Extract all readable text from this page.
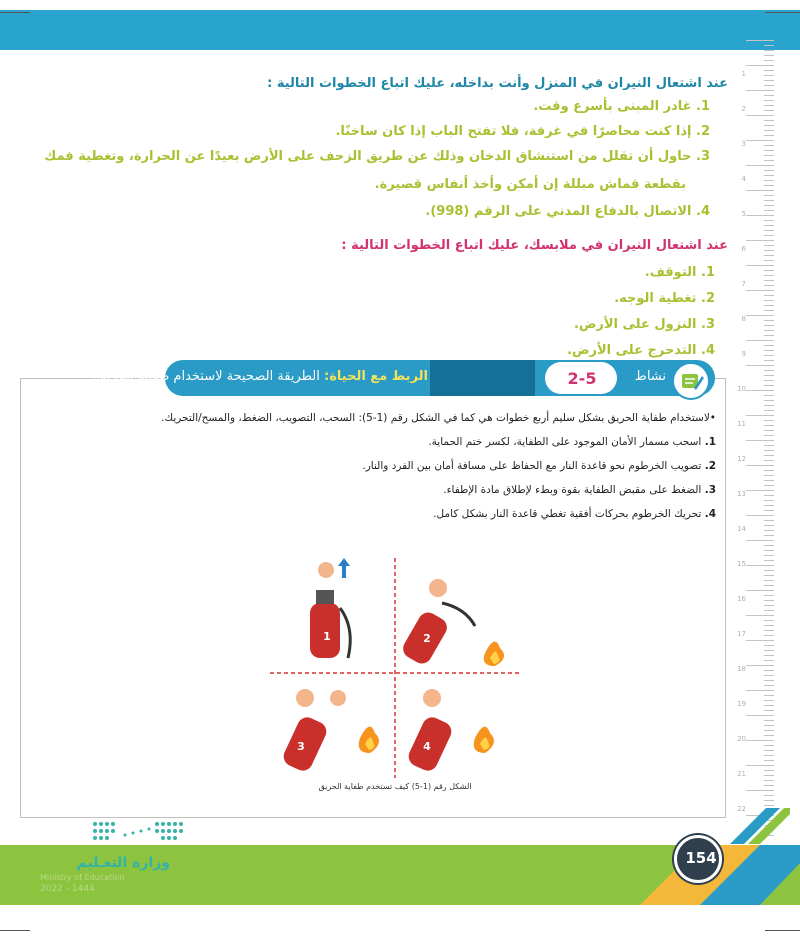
عند اشتعال النيران في المنزل وأنت بداخله، عليك اتباع الخطوات التالية :
1. غادر المبنى بأسرع وقت.
2. إذا كنت محاصرًا في غرفة، فلا تفتح الباب إذا كان ساخنًا.
3. حاول أن تقلل من استنشاق الدخان وذلك عن طريق الزحف على الأرض بعيدًا عن الحرارة، وتغطية فمك
بقطعة قماش مبللة إن أمكن وأخذ أنفاس قصيرة.
4. الاتصال بالدفاع المدني على الرقم (998).
عند اشتعال النيران في ملابسك، عليك اتباع الخطوات التالية :
1. التوقف.
2. تغطية الوجه.
3. النزول على الأرض.
4. التدحرج على الأرض.
2-5	نشاط
الربط مع الحياة: الطريقة الصحيحة لاستخدام طفاية الحريق:
•لاستخدام طفاية الحريق بشكل سليم أربع خطوات هي كما في الشكل رقم (1-5): السحب، التصويب، الضغط، والمسح/التحريك.
1. اسحب مسمار الأمان الموجود على الطفاية، لكسر ختم الحماية.
2. تصويب الخرطوم نحو قاعدة النار مع الحفاظ على مسافة أمان بين الفرد والنار.
3. الضغط على مقبض الطفاية بقوة وبطء لإطلاق مادة الإطفاء.
4. تحريك الخرطوم بحركات أفقية تغطي قاعدة النار بشكل كامل.
1	2
3	4
الشكل رقم (1-5) كيف تستخدم طفاية الحريق
1
2
3
4
5
6
7
8
9
10
11
12
13
14
15
16
17
18
19
20
21
22
154
وزارة التعـليم
Ministry of Education
2022 - 1444
